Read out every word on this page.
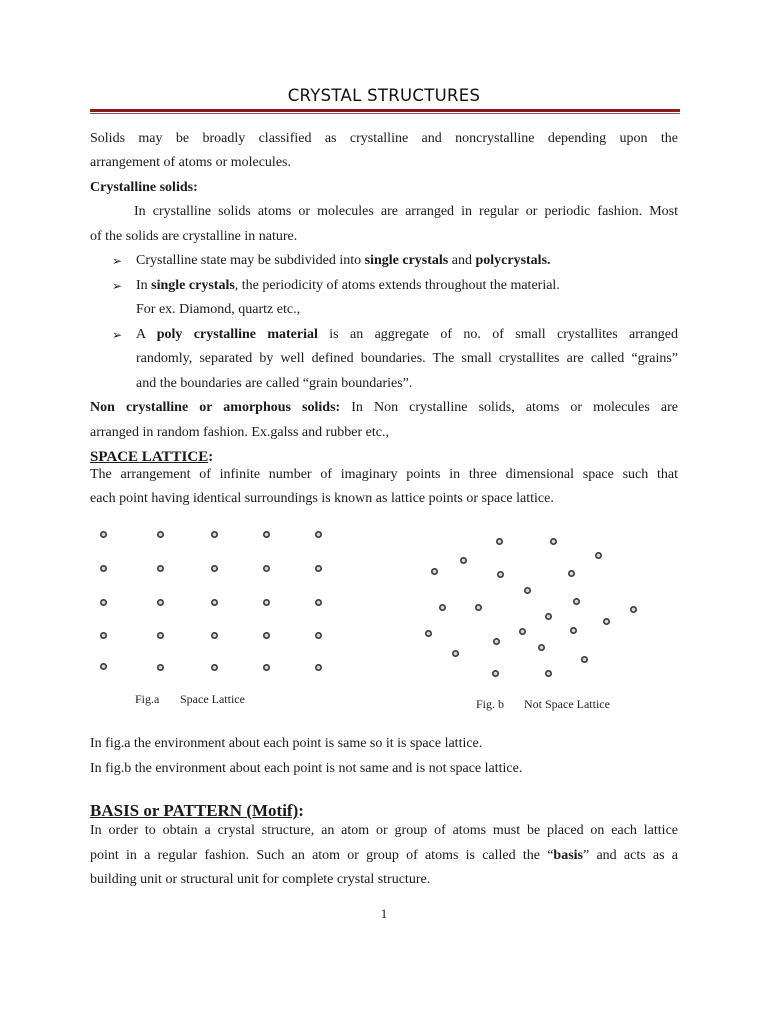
CRYSTAL STRUCTURES
Solids may be broadly classified as crystalline and noncrystalline depending upon the
arrangement of atoms or molecules.
Crystalline solids:
In crystalline solids atoms or molecules are arranged in regular or periodic fashion. Most
of the solids are crystalline in nature.
➢ Crystalline state may be subdivided into single crystals and polycrystals.
➢ In single crystals, the periodicity of atoms extends throughout the material.
For ex. Diamond, quartz etc.,
➢ A poly crystalline material is an aggregate of no. of small crystallites arranged
randomly, separated by well defined boundaries. The small crystallites are called “grains”
and the boundaries are called “grain boundaries”.
Non crystalline or amorphous solids: In Non crystalline solids, atoms or molecules are
arranged in random fashion. Ex.galss and rubber etc.,
SPACE LATTICE:
The arrangement of infinite number of imaginary points in three dimensional space such that
each point having identical surroundings is known as lattice points or space lattice.
Fig.a Space Lattice	Fig. b Not Space Lattice
In fig.a the environment about each point is same so it is space lattice.
In fig.b the environment about each point is not same and is not space lattice.
BASIS or PATTERN (Motif):
In order to obtain a crystal structure, an atom or group of atoms must be placed on each lattice
point in a regular fashion. Such an atom or group of atoms is called the “basis” and acts as a
building unit or structural unit for complete crystal structure.
1
